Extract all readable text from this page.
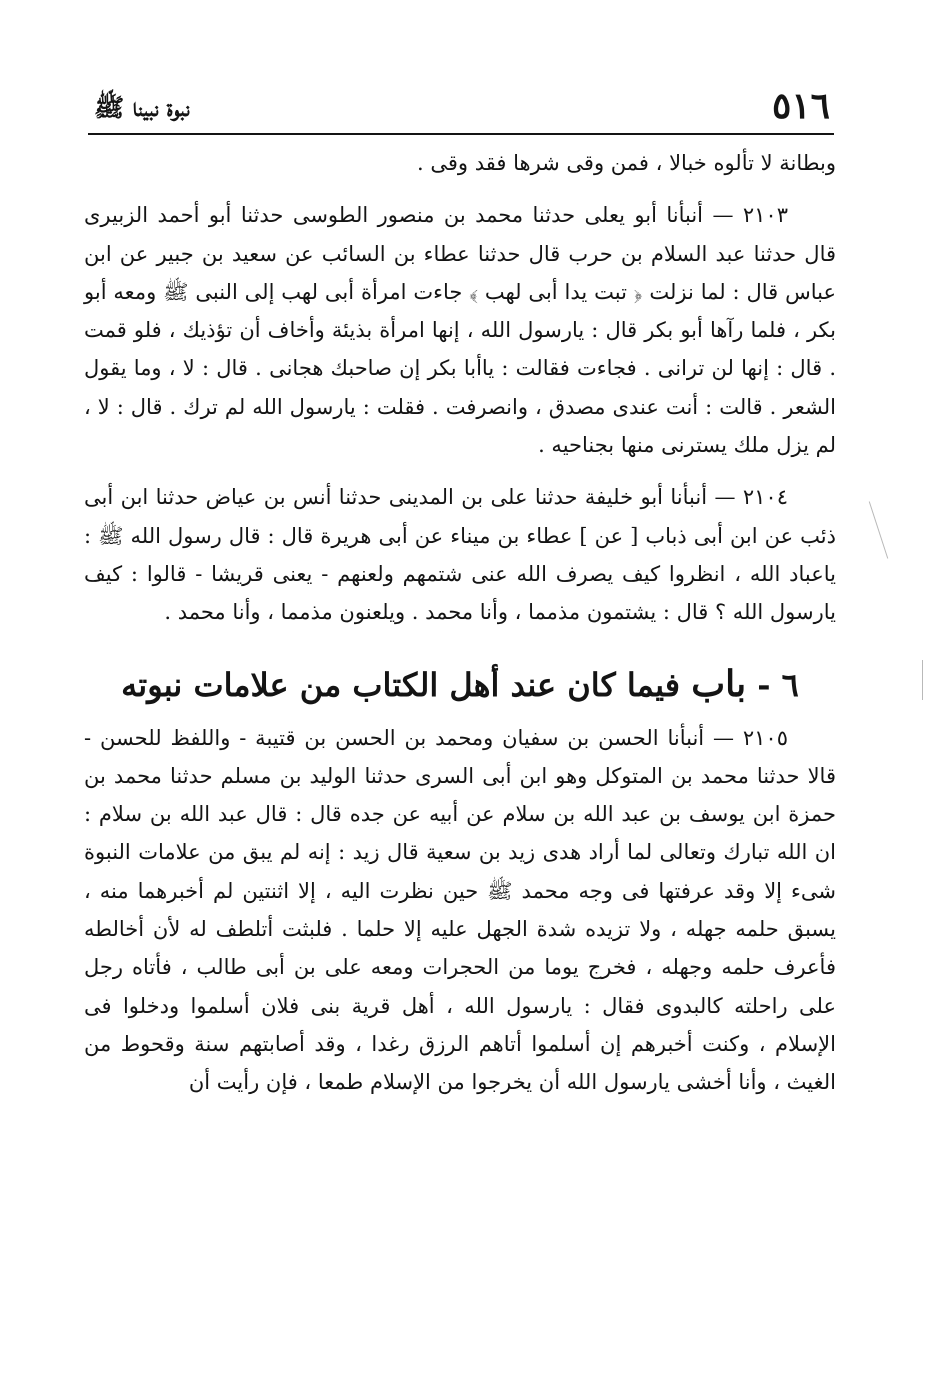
٥١٦
نبوة نبينا ﷺ

وبطانة لا تألوه خبالا ، فمن وقى شرها فقد وقى .

٢١٠٣ — أنبأنا أبو يعلى حدثنا محمد بن منصور الطوسى حدثنا أبو أحمد الزبيرى قال حدثنا عبد السلام بن حرب قال حدثنا عطاء بن السائب عن سعيد بن جبير عن ابن عباس قال : لما نزلت ﴿ تبت يدا أبى لهب ﴾ جاءت امرأة أبى لهب إلى النبى ﷺ ومعه أبو بكر ، فلما رآها أبو بكر قال : يارسول الله ، إنها امرأة بذيئة وأخاف أن تؤذيك ، فلو قمت . قال : إنها لن ترانى . فجاءت فقالت : ياأبا بكر إن صاحبك هجانى . قال : لا ، وما يقول الشعر . قالت : أنت عندى مصدق ، وانصرفت . فقلت : يارسول الله لم ترك . قال : لا ، لم يزل ملك يسترنى منها بجناحيه .

٢١٠٤ — أنبأنا أبو خليفة حدثنا على بن المدينى حدثنا أنس بن عياض حدثنا ابن أبى ذئب عن ابن أبى ذباب [ عن ] عطاء بن ميناء عن أبى هريرة قال : قال رسول الله ﷺ : ياعباد الله ، انظروا كيف يصرف الله عنى شتمهم ولعنهم - يعنى قريشا - قالوا : كيف يارسول الله ؟ قال : يشتمون مذمما ، وأنا محمد . ويلعنون مذمما ، وأنا محمد .

٦ - باب فيما كان عند أهل الكتاب من علامات نبوته

٢١٠٥ — أنبأنا الحسن بن سفيان ومحمد بن الحسن بن قتيبة - واللفظ للحسن - قالا حدثنا محمد بن المتوكل وهو ابن أبى السرى حدثنا الوليد بن مسلم حدثنا محمد بن حمزة ابن يوسف بن عبد الله بن سلام عن أبيه عن جده قال : قال عبد الله بن سلام : ان الله تبارك وتعالى لما أراد هدى زيد بن سعية قال زيد : إنه لم يبق من علامات النبوة شىء إلا وقد عرفتها فى وجه محمد ﷺ حين نظرت اليه ، إلا اثنتين لم أخبرهما منه ، يسبق حلمه جهله ، ولا تزيده شدة الجهل عليه إلا حلما . فلبثت أتلطف له لأن أخالطه فأعرف حلمه وجهله ، فخرج يوما من الحجرات ومعه على بن أبى طالب ، فأتاه رجل على راحلته كالبدوى فقال : يارسول الله ، أهل قرية بنى فلان أسلموا ودخلوا فى الإسلام ، وكنت أخبرهم إن أسلموا أتاهم الرزق رغدا ، وقد أصابتهم سنة وقحوط من الغيث ، وأنا أخشى يارسول الله أن يخرجوا من الإسلام طمعا ، فإن رأيت أن
